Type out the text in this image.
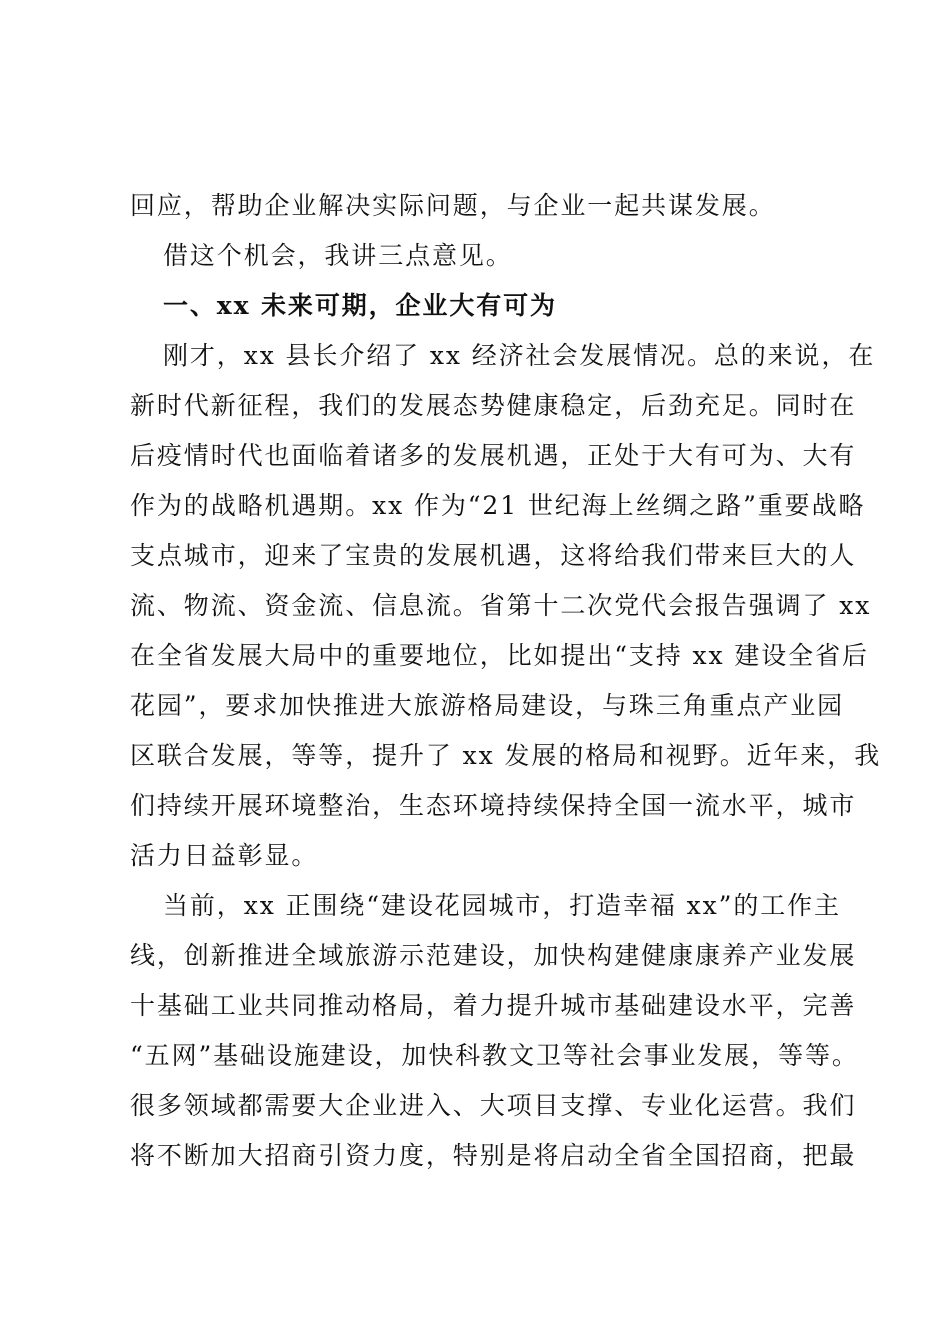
回应，帮助企业解决实际问题，与企业一起共谋发展。
借这个机会，我讲三点意见。
一、xx 未来可期，企业大有可为
刚才，xx 县长介绍了 xx 经济社会发展情况。总的来说，在
新时代新征程，我们的发展态势健康稳定，后劲充足。同时在
后疫情时代也面临着诸多的发展机遇，正处于大有可为、大有
作为的战略机遇期。xx 作为“21 世纪海上丝绸之路”重要战略
支点城市，迎来了宝贵的发展机遇，这将给我们带来巨大的人
流、物流、资金流、信息流。省第十二次党代会报告强调了 xx
在全省发展大局中的重要地位，比如提出“支持 xx 建设全省后
花园”，要求加快推进大旅游格局建设，与珠三角重点产业园
区联合发展，等等，提升了 xx 发展的格局和视野。近年来，我
们持续开展环境整治，生态环境持续保持全国一流水平，城市
活力日益彰显。
当前，xx 正围绕“建设花园城市，打造幸福 xx”的工作主
线，创新推进全域旅游示范建设，加快构建健康康养产业发展
十基础工业共同推动格局，着力提升城市基础建设水平，完善
“五网”基础设施建设，加快科教文卫等社会事业发展，等等。
很多领域都需要大企业进入、大项目支撑、专业化运营。我们
将不断加大招商引资力度，特别是将启动全省全国招商，把最
